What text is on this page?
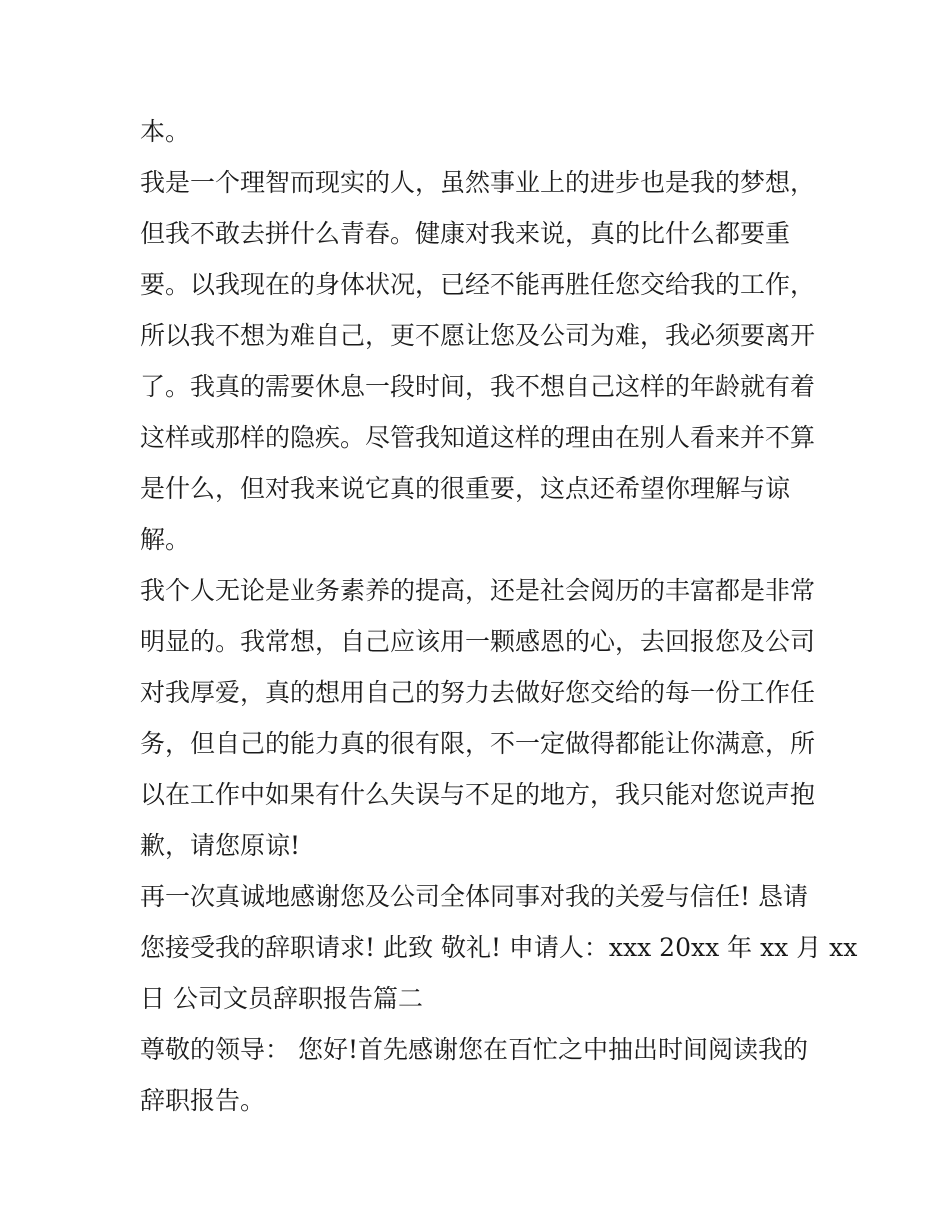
本。
我是一个理智而现实的人，虽然事业上的进步也是我的梦想，
但我不敢去拼什么青春。健康对我来说，真的比什么都要重
要。以我现在的身体状况，已经不能再胜任您交给我的工作，
所以我不想为难自己，更不愿让您及公司为难，我必须要离开
了。我真的需要休息一段时间，我不想自己这样的年龄就有着
这样或那样的隐疾。尽管我知道这样的理由在别人看来并不算
是什么，但对我来说它真的很重要，这点还希望你理解与谅
解。
我个人无论是业务素养的提高，还是社会阅历的丰富都是非常
明显的。我常想，自己应该用一颗感恩的心，去回报您及公司
对我厚爱，真的想用自己的努力去做好您交给的每一份工作任
务，但自己的能力真的很有限，不一定做得都能让你满意，所
以在工作中如果有什么失误与不足的地方，我只能对您说声抱
歉，请您原谅!
再一次真诚地感谢您及公司全体同事对我的关爱与信任! 恳请
您接受我的辞职请求! 此致 敬礼! 申请人：xxx 20xx 年 xx 月 xx
日 公司文员辞职报告篇二
尊敬的领导： 您好!首先感谢您在百忙之中抽出时间阅读我的
辞职报告。
